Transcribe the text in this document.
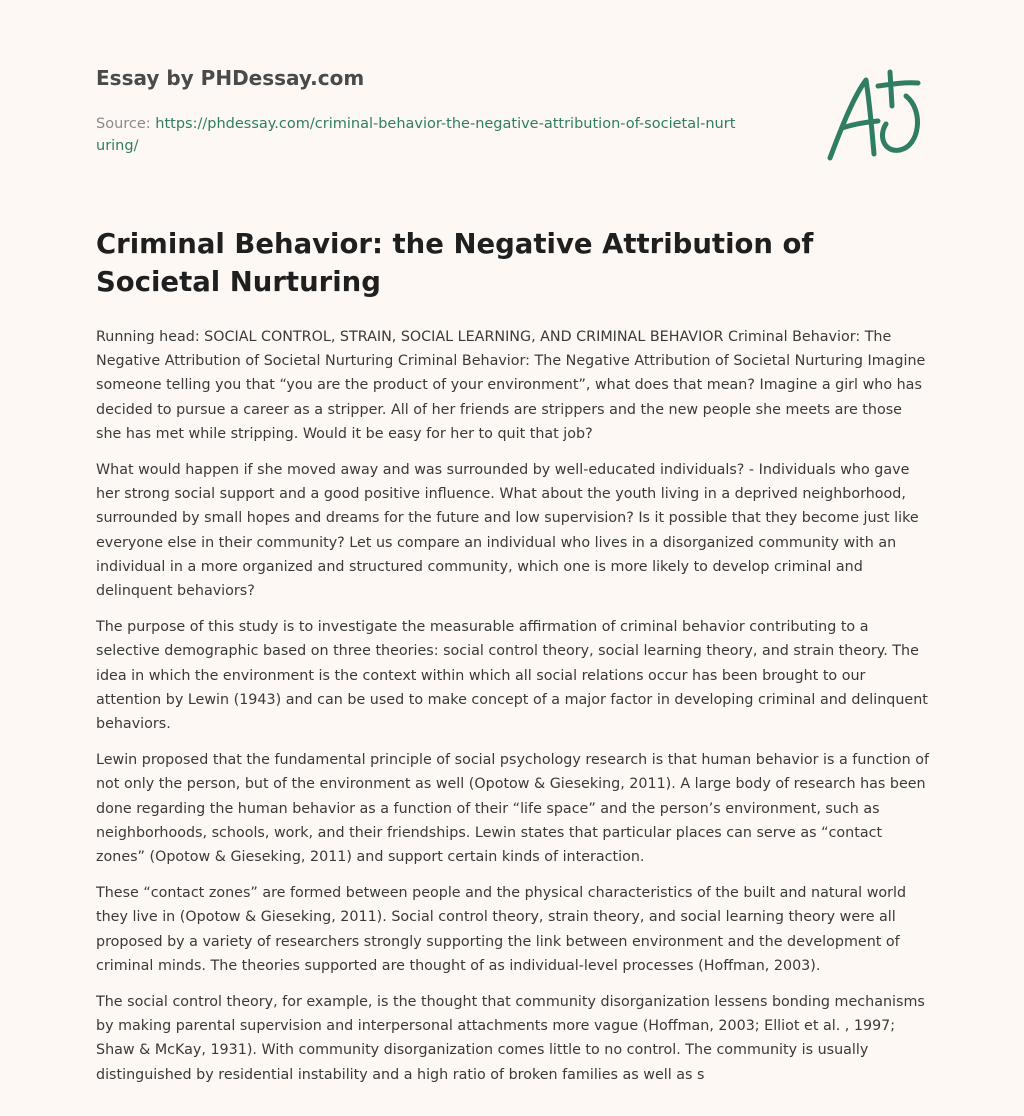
Essay by PHDessay.com
Source: https://phdessay.com/criminal-behavior-the-negative-attribution-of-societal-nurturing/
Criminal Behavior: the Negative Attribution of Societal Nurturing

Running head: SOCIAL CONTROL, STRAIN, SOCIAL LEARNING, AND CRIMINAL BEHAVIOR Criminal Behavior: The Negative Attribution of Societal Nurturing Criminal Behavior: The Negative Attribution of Societal Nurturing Imagine someone telling you that “you are the product of your environment”, what does that mean? Imagine a girl who has decided to pursue a career as a stripper. All of her friends are strippers and the new people she meets are those she has met while stripping. Would it be easy for her to quit that job?

What would happen if she moved away and was surrounded by well-educated individuals? - Individuals who gave her strong social support and a good positive influence. What about the youth living in a deprived neighborhood, surrounded by small hopes and dreams for the future and low supervision? Is it possible that they become just like everyone else in their community? Let us compare an individual who lives in a disorganized community with an individual in a more organized and structured community, which one is more likely to develop criminal and delinquent behaviors?

The purpose of this study is to investigate the measurable affirmation of criminal behavior contributing to a selective demographic based on three theories: social control theory, social learning theory, and strain theory. The idea in which the environment is the context within which all social relations occur has been brought to our attention by Lewin (1943) and can be used to make concept of a major factor in developing criminal and delinquent behaviors.

Lewin proposed that the fundamental principle of social psychology research is that human behavior is a function of not only the person, but of the environment as well (Opotow & Gieseking, 2011). A large body of research has been done regarding the human behavior as a function of their “life space” and the person’s environment, such as neighborhoods, schools, work, and their friendships. Lewin states that particular places can serve as “contact zones” (Opotow & Gieseking, 2011) and support certain kinds of interaction.

These “contact zones” are formed between people and the physical characteristics of the built and natural world they live in (Opotow & Gieseking, 2011). Social control theory, strain theory, and social learning theory were all proposed by a variety of researchers strongly supporting the link between environment and the development of criminal minds. The theories supported are thought of as individual-level processes (Hoffman, 2003).

The social control theory, for example, is the thought that community disorganization lessens bonding mechanisms by making parental supervision and interpersonal attachments more vague (Hoffman, 2003; Elliot et al. , 1997; Shaw & McKay, 1931). With community disorganization comes little to no control. The community is usually distinguished by residential instability and a high ratio of broken families as well as s
